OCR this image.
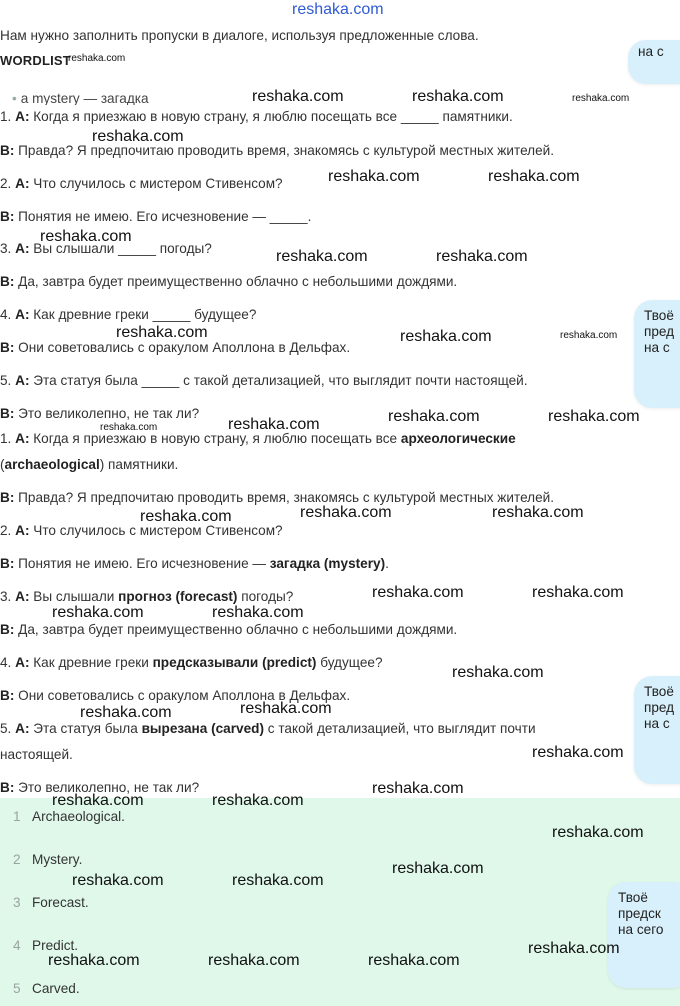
reshaka.com
Нам нужно заполнить пропуски в диалоге, используя предложенные слова.
WORDLIST
reshaka.com
• a mystery — загадка
1. A: Когда я приезжаю в новую страну, я люблю посещать все _____ памятники.
B: Правда? Я предпочитаю проводить время, знакомясь с культурой местных жителей.
2. A: Что случилось с мистером Стивенсом?
B: Понятия не имею. Его исчезновение — _____.
3. A: Вы слышали _____ погоды?
B: Да, завтра будет преимущественно облачно с небольшими дождями.
4. A: Как древние греки _____ будущее?
B: Они советовались с оракулом Аполлона в Дельфах.
5. A: Эта статуя была _____ с такой детализацией, что выглядит почти настоящей.
B: Это великолепно, не так ли?
1. A: Когда я приезжаю в новую страну, я люблю посещать все археологические
(archaeological) памятники.
B: Правда? Я предпочитаю проводить время, знакомясь с культурой местных жителей.
2. A: Что случилось с мистером Стивенсом?
B: Понятия не имею. Его исчезновение — загадка (mystery).
3. A: Вы слышали прогноз (forecast) погоды?
B: Да, завтра будет преимущественно облачно с небольшими дождями.
4. A: Как древние греки предсказывали (predict) будущее?
B: Они советовались с оракулом Аполлона в Дельфах.
5. A: Эта статуя была вырезана (carved) с такой детализацией, что выглядит почти
настоящей.
B: Это великолепно, не так ли?
1 Archaeological.
2 Mystery.
3 Forecast.
4 Predict.
5 Carved.
на с
Твоё
пред
на с
Твоё
пред
на с
Твоё
предск
на сего
reshaka.com	reshaka.com	reshaka.com
reshaka.com
reshaka.com	reshaka.com
reshaka.com
reshaka.com	reshaka.com
reshaka.com	reshaka.com	reshaka.com
reshaka.com	reshaka.com	reshaka.com	reshaka.com
reshaka.com	reshaka.com	reshaka.com
reshaka.com	reshaka.com
reshaka.com	reshaka.com
reshaka.com
reshaka.com
reshaka.com
reshaka.com
reshaka.com
reshaka.com	reshaka.com
reshaka.com
reshaka.com
reshaka.com	reshaka.com
reshaka.com
reshaka.com	reshaka.com	reshaka.com
